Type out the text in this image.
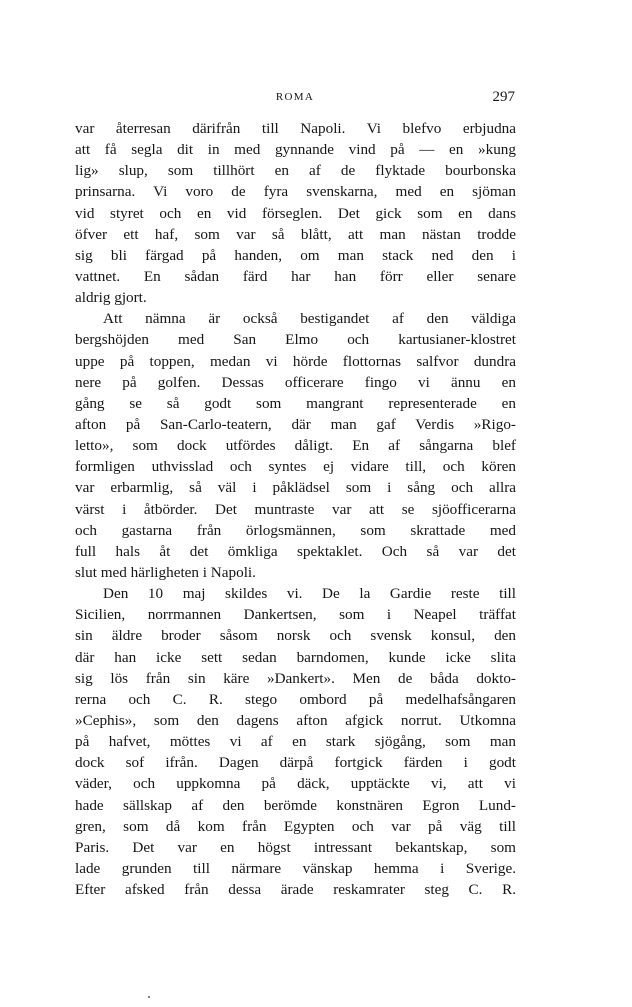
ROMA	297
var återresan därifrån till Napoli. Vi blefvo erbjudna
att få segla dit in med gynnande vind på — en »kung
lig» slup, som tillhört en af de flyktade bourbonska
prinsarna. Vi voro de fyra svenskarna, med en sjöman
vid styret och en vid förseglen. Det gick som en dans
öfver ett haf, som var så blått, att man nästan trodde
sig bli färgad på handen, om man stack ned den i
vattnet. En sådan färd har han förr eller senare
aldrig gjort.
Att nämna är också bestigandet af den väldiga
bergshöjden med San Elmo och kartusianer-klostret
uppe på toppen, medan vi hörde flottornas salfvor dundra
nere på golfen. Dessas officerare fingo vi ännu en
gång se så godt som mangrant representerade en
afton på San-Carlo-teatern, där man gaf Verdis »Rigo-
letto», som dock utfördes dåligt. En af sångarna blef
formligen uthvisslad och syntes ej vidare till, och kören
var erbarmlig, så väl i påklädsel som i sång och allra
värst i åtbörder. Det muntraste var att se sjöofficerarna
och gastarna från örlogsmännen, som skrattade med
full hals åt det ömkliga spektaklet. Och så var det
slut med härligheten i Napoli.
Den 10 maj skildes vi. De la Gardie reste till
Sicilien, norrmannen Dankertsen, som i Neapel träffat
sin äldre broder såsom norsk och svensk konsul, den
där han icke sett sedan barndomen, kunde icke slita
sig lös från sin käre »Dankert». Men de båda dokto-
rerna och C. R. stego ombord på medelhafsångaren
»Cephis», som den dagens afton afgick norrut. Utkomna
på hafvet, möttes vi af en stark sjögång, som man
dock sof ifrån. Dagen därpå fortgick färden i godt
väder, och uppkomna på däck, upptäckte vi, att vi
hade sällskap af den berömde konstnären Egron Lund-
gren, som då kom från Egypten och var på väg till
Paris. Det var en högst intressant bekantskap, som
lade grunden till närmare vänskap hemma i Sverige.
Efter afsked från dessa ärade reskamrater steg C. R.
